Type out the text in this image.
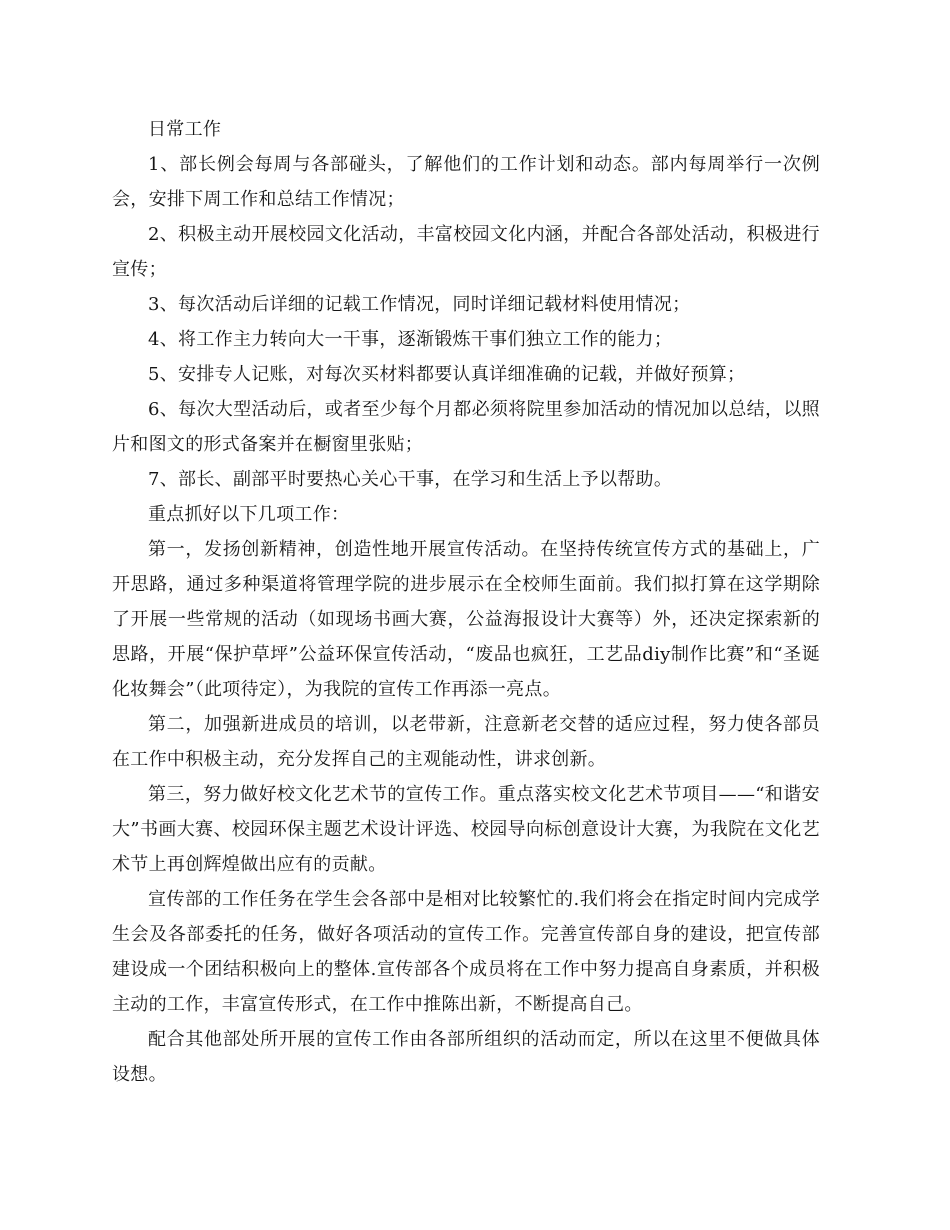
日常工作

1、部长例会每周与各部碰头，了解他们的工作计划和动态。部内每周举行一次例会，安排下周工作和总结工作情况；

2、积极主动开展校园文化活动，丰富校园文化内涵，并配合各部处活动，积极进行宣传；

3、每次活动后详细的记载工作情况，同时详细记载材料使用情况；

4、将工作主力转向大一干事，逐渐锻炼干事们独立工作的能力；

5、安排专人记账，对每次买材料都要认真详细准确的记载，并做好预算；

6、每次大型活动后，或者至少每个月都必须将院里参加活动的情况加以总结，以照片和图文的形式备案并在橱窗里张贴；

7、部长、副部平时要热心关心干事，在学习和生活上予以帮助。

重点抓好以下几项工作：

第一，发扬创新精神，创造性地开展宣传活动。在坚持传统宣传方式的基础上，广开思路，通过多种渠道将管理学院的进步展示在全校师生面前。我们拟打算在这学期除了开展一些常规的活动（如现场书画大赛，公益海报设计大赛等）外，还决定探索新的思路，开展“保护草坪”公益环保宣传活动，“废品也疯狂，工艺品diy制作比赛”和“圣诞化妆舞会”（此项待定），为我院的宣传工作再添一亮点。

第二，加强新进成员的培训，以老带新，注意新老交替的适应过程，努力使各部员在工作中积极主动，充分发挥自己的主观能动性，讲求创新。

第三，努力做好校文化艺术节的宣传工作。重点落实校文化艺术节项目——“和谐安大”书画大赛、校园环保主题艺术设计评选、校园导向标创意设计大赛，为我院在文化艺术节上再创辉煌做出应有的贡献。

宣传部的工作任务在学生会各部中是相对比较繁忙的.我们将会在指定时间内完成学生会及各部委托的任务，做好各项活动的宣传工作。完善宣传部自身的建设，把宣传部建设成一个团结积极向上的整体.宣传部各个成员将在工作中努力提高自身素质，并积极主动的工作，丰富宣传形式，在工作中推陈出新，不断提高自己。

配合其他部处所开展的宣传工作由各部所组织的活动而定，所以在这里不便做具体设想。
